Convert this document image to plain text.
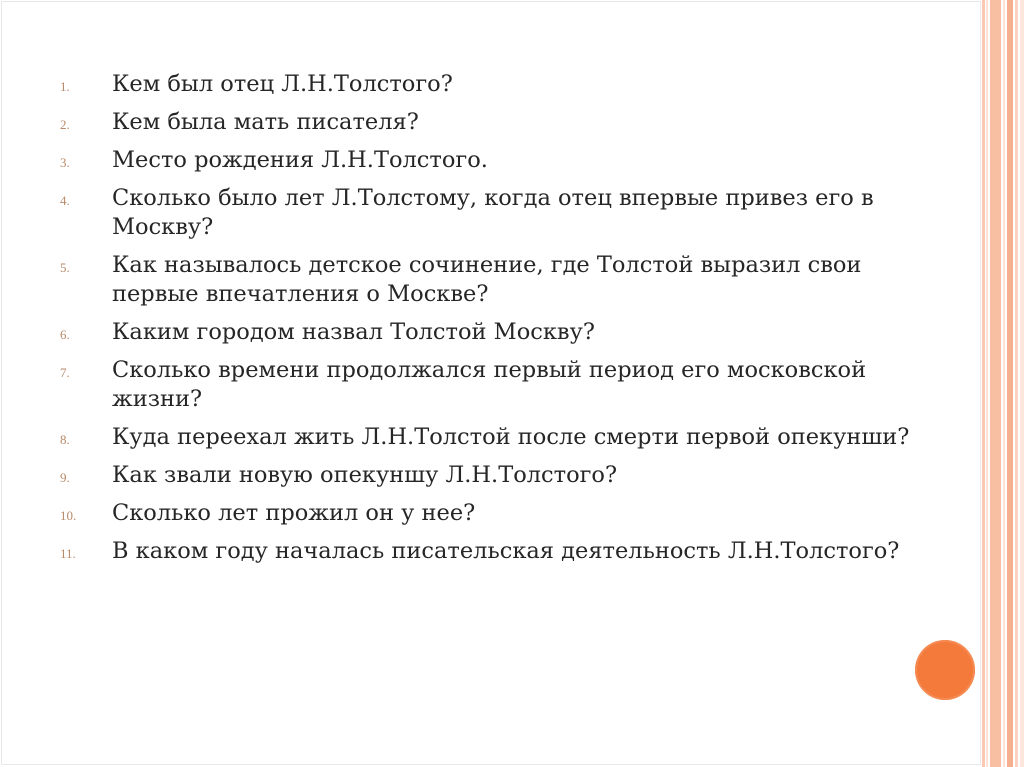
1. Кем был отец Л.Н.Толстого?
2. Кем была мать писателя?
3. Место рождения Л.Н.Толстого.
4. Сколько было лет Л.Толстому, когда отец впервые привез его в Москву?
5. Как называлось детское сочинение, где Толстой выразил свои первые впечатления о Москве?
6. Каким городом назвал Толстой Москву?
7. Сколько времени продолжался первый период его московской жизни?
8. Куда переехал жить Л.Н.Толстой после смерти первой опекунши?
9. Как звали новую опекуншу Л.Н.Толстого?
10. Сколько лет прожил он у нее?
11. В каком году началась писательская деятельность Л.Н.Толстого?
